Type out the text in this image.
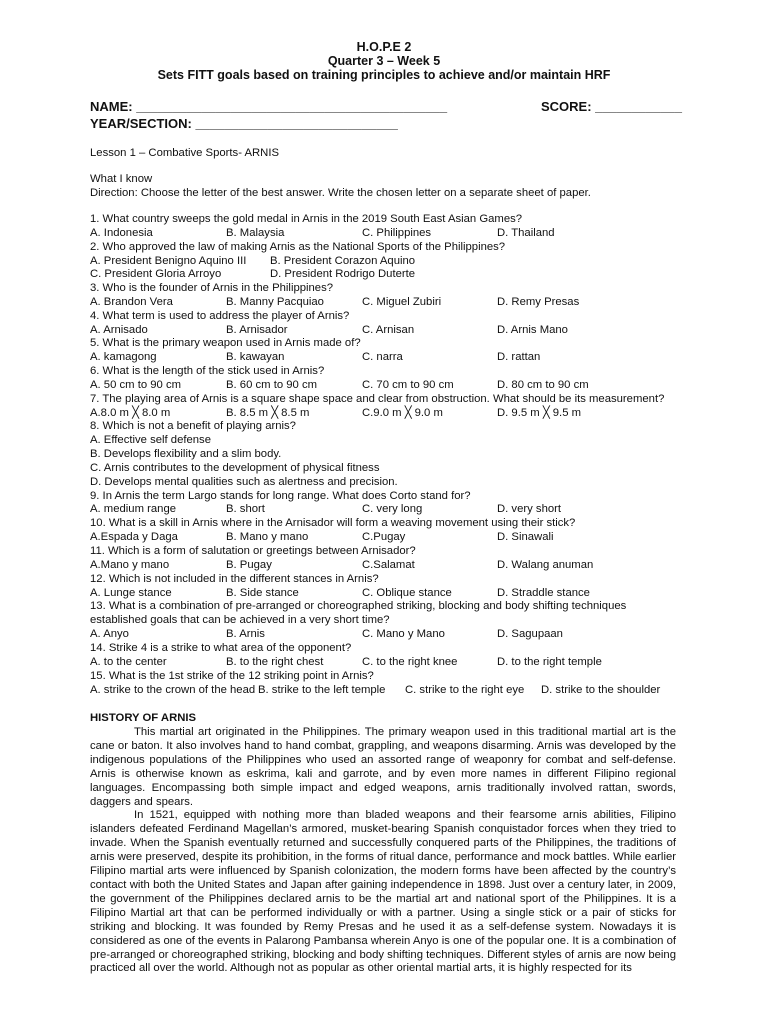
H.O.P.E 2
Quarter 3 – Week 5
Sets FITT goals based on training principles to achieve and/or maintain HRF
NAME: ___________________________________________	SCORE: ____________
YEAR/SECTION: ____________________________
Lesson 1 – Combative Sports- ARNIS
What I know
Direction: Choose the letter of the best answer. Write the chosen letter on a separate sheet of paper.
1. What country sweeps the gold medal in Arnis in the 2019 South East Asian Games?
A. Indonesia	B. Malaysia	C. Philippines	D. Thailand
2. Who approved the law of making Arnis as the National Sports of the Philippines?
A. President Benigno Aquino III B. President Corazon Aquino
C. President Gloria Arroyo	D. President Rodrigo Duterte
3. Who is the founder of Arnis in the Philippines?
A. Brandon Vera	B. Manny Pacquiao	C. Miguel Zubiri	D. Remy Presas
4. What term is used to address the player of Arnis?
A. Arnisado	B. Arnisador	C. Arnisan	D. Arnis Mano
5. What is the primary weapon used in Arnis made of?
A. kamagong	B. kawayan	C. narra	D. rattan
6. What is the length of the stick used in Arnis?
A. 50 cm to 90 cm	B. 60 cm to 90 cm	C. 70 cm to 90 cm	D. 80 cm to 90 cm
7. The playing area of Arnis is a square shape space and clear from obstruction. What should be its measurement?
A.8.0 m ╳ 8.0 m	B. 8.5 m ╳ 8.5 m	C.9.0 m ╳ 9.0 m	D. 9.5 m ╳ 9.5 m
8. Which is not a benefit of playing arnis?
A. Effective self defense
B. Develops flexibility and a slim body.
C. Arnis contributes to the development of physical fitness
D. Develops mental qualities such as alertness and precision.
9. In Arnis the term Largo stands for long range. What does Corto stand for?
A. medium range	B. short	C. very long	D. very short
10. What is a skill in Arnis where in the Arnisador will form a weaving movement using their stick?
A.Espada y Daga	B. Mano y mano	C.Pugay	D. Sinawali
11. Which is a form of salutation or greetings between Arnisador?
A.Mano y mano	B. Pugay	C.Salamat	D. Walang anuman
12. Which is not included in the different stances in Arnis?
A. Lunge stance	B. Side stance	C. Oblique stance	D. Straddle stance
13. What is a combination of pre-arranged or choreographed striking, blocking and body shifting techniques
established goals that can be achieved in a very short time?
A. Anyo	B. Arnis	C. Mano y Mano	D. Sagupaan
14. Strike 4 is a strike to what area of the opponent?
A. to the center	B. to the right chest	C. to the right knee	D. to the right temple
15. What is the 1st strike of the 12 striking point in Arnis?
A. strike to the crown of the head B. strike to the left temple C. strike to the right eye D. strike to the shoulder
HISTORY OF ARNIS

This martial art originated in the Philippines. The primary weapon used in this traditional martial art is the cane or baton. It also involves hand to hand combat, grappling, and weapons disarming. Arnis was developed by the indigenous populations of the Philippines who used an assorted range of weaponry for combat and self-defense. Arnis is otherwise known as eskrima, kali and garrote, and by even more names in different Filipino regional languages. Encompassing both simple impact and edged weapons, arnis traditionally involved rattan, swords, daggers and spears.

In 1521, equipped with nothing more than bladed weapons and their fearsome arnis abilities, Filipino islanders defeated Ferdinand Magellan’s armored, musket-bearing Spanish conquistador forces when they tried to invade. When the Spanish eventually returned and successfully conquered parts of the Philippines, the traditions of arnis were preserved, despite its prohibition, in the forms of ritual dance, performance and mock battles. While earlier Filipino martial arts were influenced by Spanish colonization, the modern forms have been affected by the country’s contact with both the United States and Japan after gaining independence in 1898. Just over a century later, in 2009, the government of the Philippines declared arnis to be the martial art and national sport of the Philippines. It is a Filipino Martial art that can be performed individually or with a partner. Using a single stick or a pair of sticks for striking and blocking. It was founded by Remy Presas and he used it as a self-defense system. Nowadays it is considered as one of the events in Palarong Pambansa wherein Anyo is one of the popular one. It is a combination of pre-arranged or choreographed striking, blocking and body shifting techniques. Different styles of arnis are now being practiced all over the world. Although not as popular as other oriental martial arts, it is highly respected for its
